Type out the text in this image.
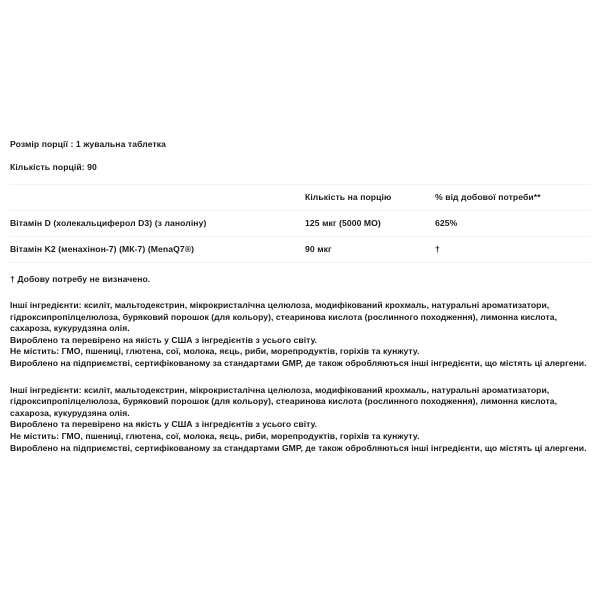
Розмір порції : 1 жувальна таблетка

Кількість порцій: 90

	Кількість на порцію	% від добової потреби**
Вітамін D (холекальциферол D3) (з ланоліну)	125 мкг (5000 МО)	625%
Вітамін K2 (менахінон-7) (МК-7) (MenaQ7®)	90 мкг	†

† Добову потребу не визначено.

Інші інгредієнти: ксиліт, мальтодекстрин, мікрокристалічна целюлоза, модифікований крохмаль, натуральні ароматизатори, гідроксипропілцелюлоза, буряковий порошок (для кольору), стеаринова кислота (рослинного походження), лимонна кислота, сахароза, кукурудзяна олія.

Вироблено та перевірено на якість у США з інгредієнтів з усього світу.

Не містить: ГМО, пшениці, глютена, сої, молока, яєць, риби, морепродуктів, горіхів та кунжуту.

Вироблено на підприємстві, сертифікованому за стандартами GMP, де також обробляються інші інгредієнти, що містять ці алергени.

Інші інгредієнти: ксиліт, мальтодекстрин, мікрокристалічна целюлоза, модифікований крохмаль, натуральні ароматизатори, гідроксипропілцелюлоза, буряковий порошок (для кольору), стеаринова кислота (рослинного походження), лимонна кислота, сахароза, кукурудзяна олія.

Вироблено та перевірено на якість у США з інгредієнтів з усього світу.

Не містить: ГМО, пшениці, глютена, сої, молока, яєць, риби, морепродуктів, горіхів та кунжуту.

Вироблено на підприємстві, сертифікованому за стандартами GMP, де також обробляються інші інгредієнти, що містять ці алергени.
